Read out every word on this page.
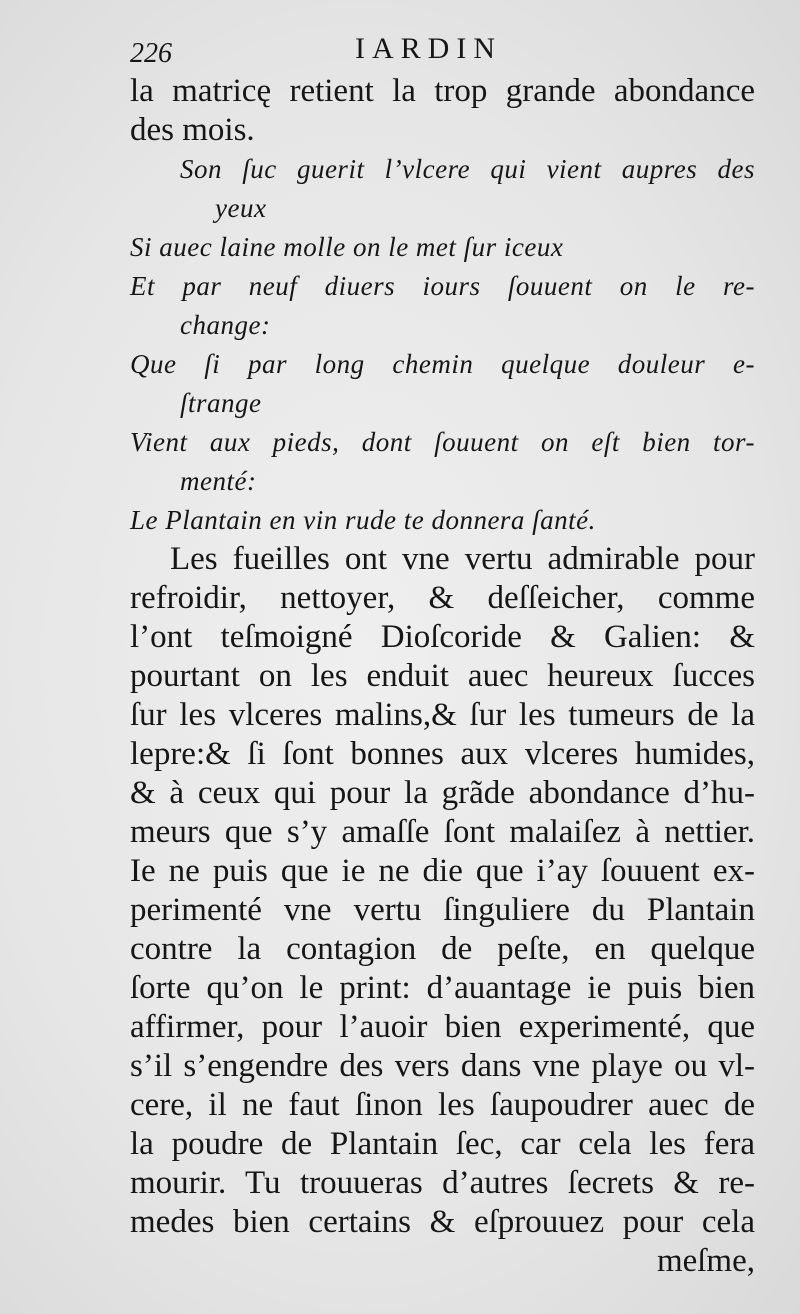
226	IARDIN
la matricę retient la trop grande abondance
des mois.
Son ſuc guerit l’vlcere qui vient aupres des
yeux
Si auec laine molle on le met ſur iceux
Et par neuf diuers iours ſouuent on le re-
change:
Que ſi par long chemin quelque douleur e-
ſtrange
Vient aux pieds, dont ſouuent on eſt bien tor-
menté:
Le Plantain en vin rude te donnera ſanté.
Les fueilles ont vne vertu admirable pour
refroidir, nettoyer, & deſſeicher, comme
l’ont teſmoigné Dioſcoride & Galien: &
pourtant on les enduit auec heureux ſucces
ſur les vlceres malins,& ſur les tumeurs de la
lepre:& ſi ſont bonnes aux vlceres humides,
& à ceux qui pour la grãde abondance d’hu-
meurs que s’y amaſſe ſont malaiſez à nettier.
Ie ne puis que ie ne die que i’ay ſouuent ex-
perimenté vne vertu ſinguliere du Plantain
contre la contagion de peſte, en quelque
ſorte qu’on le print: d’auantage ie puis bien
affirmer, pour l’auoir bien experimenté, que
s’il s’engendre des vers dans vne playe ou vl-
cere, il ne faut ſinon les ſaupoudrer auec de
la poudre de Plantain ſec, car cela les fera
mourir. Tu trouueras d’autres ſecrets & re-
medes bien certains & eſprouuez pour cela
meſme,
